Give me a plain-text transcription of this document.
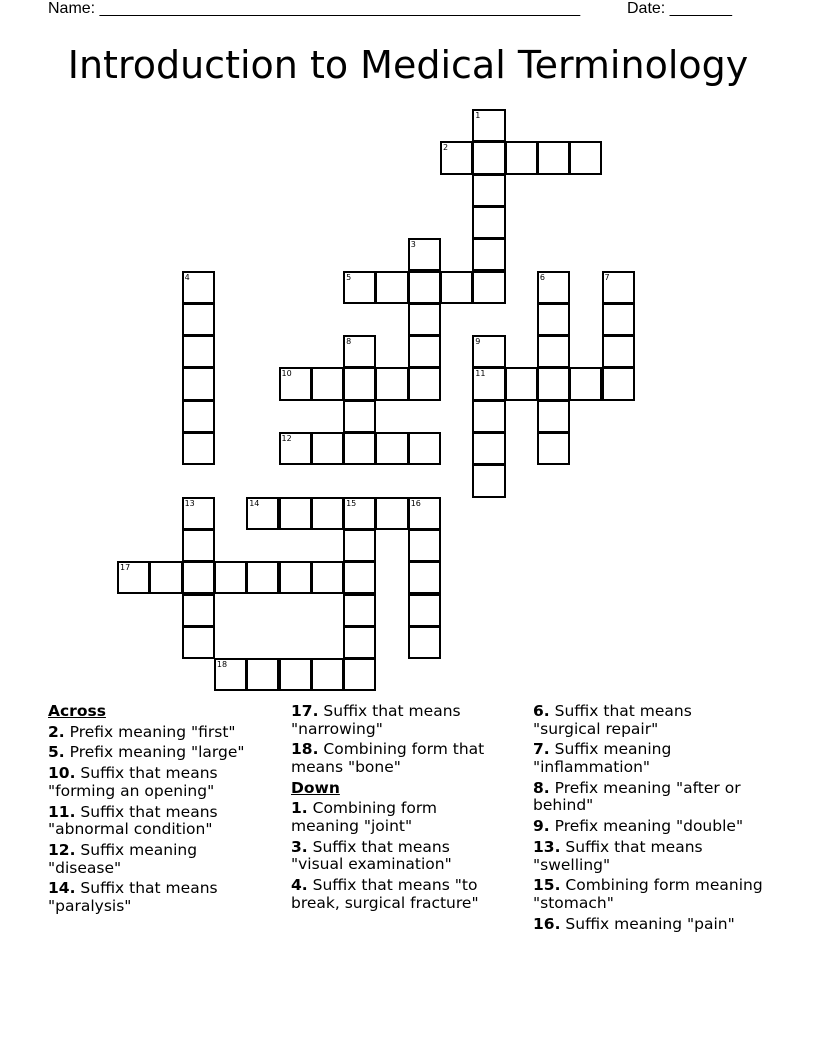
Name: ______________________________________________________	Date: _______
Introduction to Medical Terminology
1
2
3
4	5	6	7
8	9
10	11
12
13	14	15	16
17
18
Across
2. Prefix meaning "first"
5. Prefix meaning "large"
10. Suffix that means "forming an opening"
11. Suffix that means "abnormal condition"
12. Suffix meaning "disease"
14. Suffix that means "paralysis"
17. Suffix that means "narrowing"
18. Combining form that means "bone"
Down
1. Combining form meaning "joint"
3. Suffix that means "visual examination"
4. Suffix that means "to break, surgical fracture"
6. Suffix that means "surgical repair"
7. Suffix meaning "inflammation"
8. Prefix meaning "after or behind"
9. Prefix meaning "double"
13. Suffix that means "swelling"
15. Combining form meaning "stomach"
16. Suffix meaning "pain"
